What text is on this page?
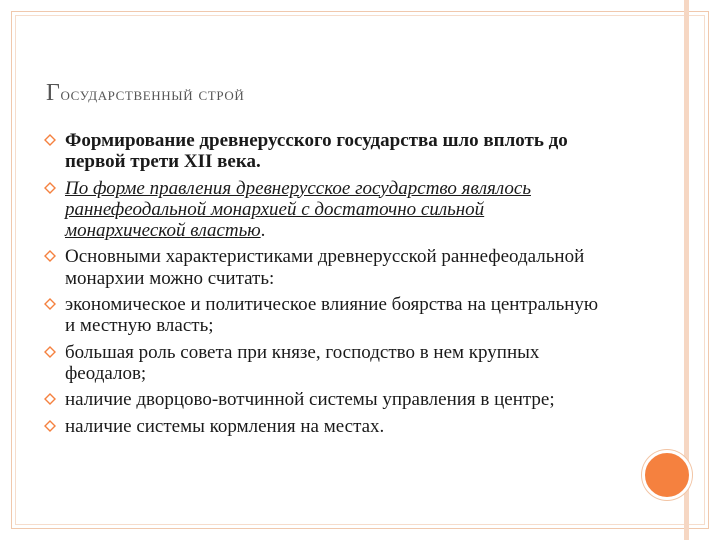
Государственный строй
Формирование древнерусского государства шло вплоть до первой трети XII века.
По форме правления древнерусское государство являлось раннефеодальной монархией с достаточно сильной монархической властью.
Основными характеристиками древнерусской раннефеодальной монархии можно считать:
экономическое и политическое влияние боярства на центральную и местную власть;
большая роль совета при князе, господство в нем крупных феодалов;
наличие дворцово-вотчинной системы управления в центре;
наличие системы кормления на местах.
